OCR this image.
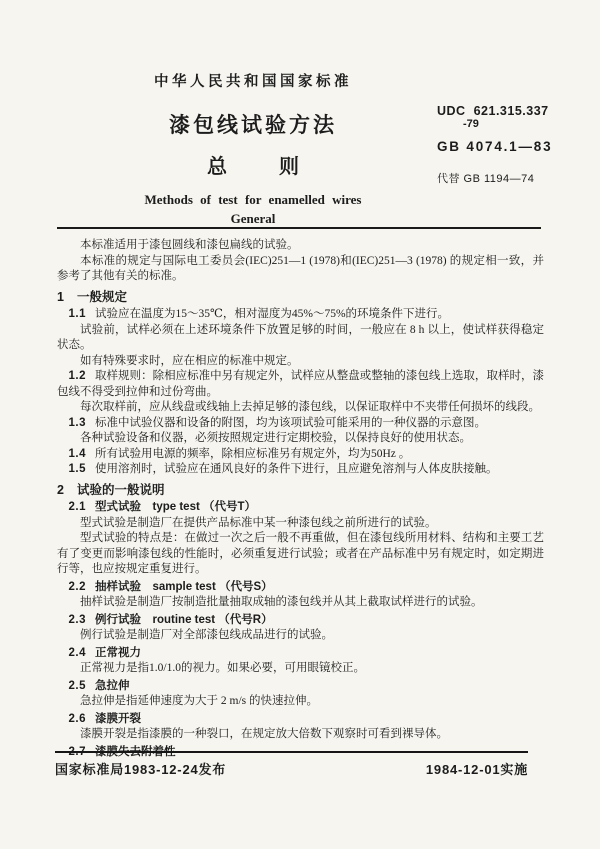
中华人民共和国国家标准
漆包线试验方法
总	则
Methods of test for enamelled wires
General
UDC 621.315.337
-79
GB 4074.1—83
代替 GB 1194—74

本标准适用于漆包圆线和漆包扁线的试验。

本标准的规定与国际电工委员会(IEC)251—1 (1978)和(IEC)251—3 (1978) 的规定相一致，并参考了其他有关的标准。

1 一般规定

1.1 试验应在温度为15～35℃，相对湿度为45%～75%的环境条件下进行。

试验前，试样必须在上述环境条件下放置足够的时间，一般应在 8 h 以上，使试样获得稳定状态。

如有特殊要求时，应在相应的标准中规定。

1.2 取样规则：除相应标准中另有规定外，试样应从整盘或整轴的漆包线上选取，取样时，漆包线不得受到拉伸和过份弯曲。

每次取样前，应从线盘或线轴上去掉足够的漆包线，以保证取样中不夹带任何损坏的线段。

1.3 标准中试验仪器和设备的附图，均为该项试验可能采用的一种仪器的示意图。

各种试验设备和仪器，必须按照规定进行定期校验，以保持良好的使用状态。

1.4 所有试验用电源的频率，除相应标准另有规定外，均为50Hz 。

1.5 使用溶剂时，试验应在通风良好的条件下进行，且应避免溶剂与人体皮肤接触。

2 试验的一般说明

2.1 型式试验　type test （代号T）

型式试验是制造厂在提供产品标准中某一种漆包线之前所进行的试验。

型式试验的特点是：在做过一次之后一般不再重做，但在漆包线所用材料、结构和主要工艺有了变更而影响漆包线的性能时，必须重复进行试验；或者在产品标准中另有规定时，如定期进行等，也应按规定重复进行。

2.2 抽样试验　sample test （代号S）

抽样试验是制造厂按制造批量抽取成轴的漆包线并从其上截取试样进行的试验。

2.3 例行试验　routine test （代号R）

例行试验是制造厂对全部漆包线成品进行的试验。

2.4 正常视力

正常视力是指1.0/1.0的视力。如果必要，可用眼镜校正。

2.5 急拉伸

急拉伸是指延伸速度为大于 2 m/s 的快速拉伸。

2.6 漆膜开裂

漆膜开裂是指漆膜的一种裂口，在规定放大倍数下观察时可看到裸导体。

2.7 漆膜失去附着性

国家标准局1983-12-24发布	1984-12-01实施
